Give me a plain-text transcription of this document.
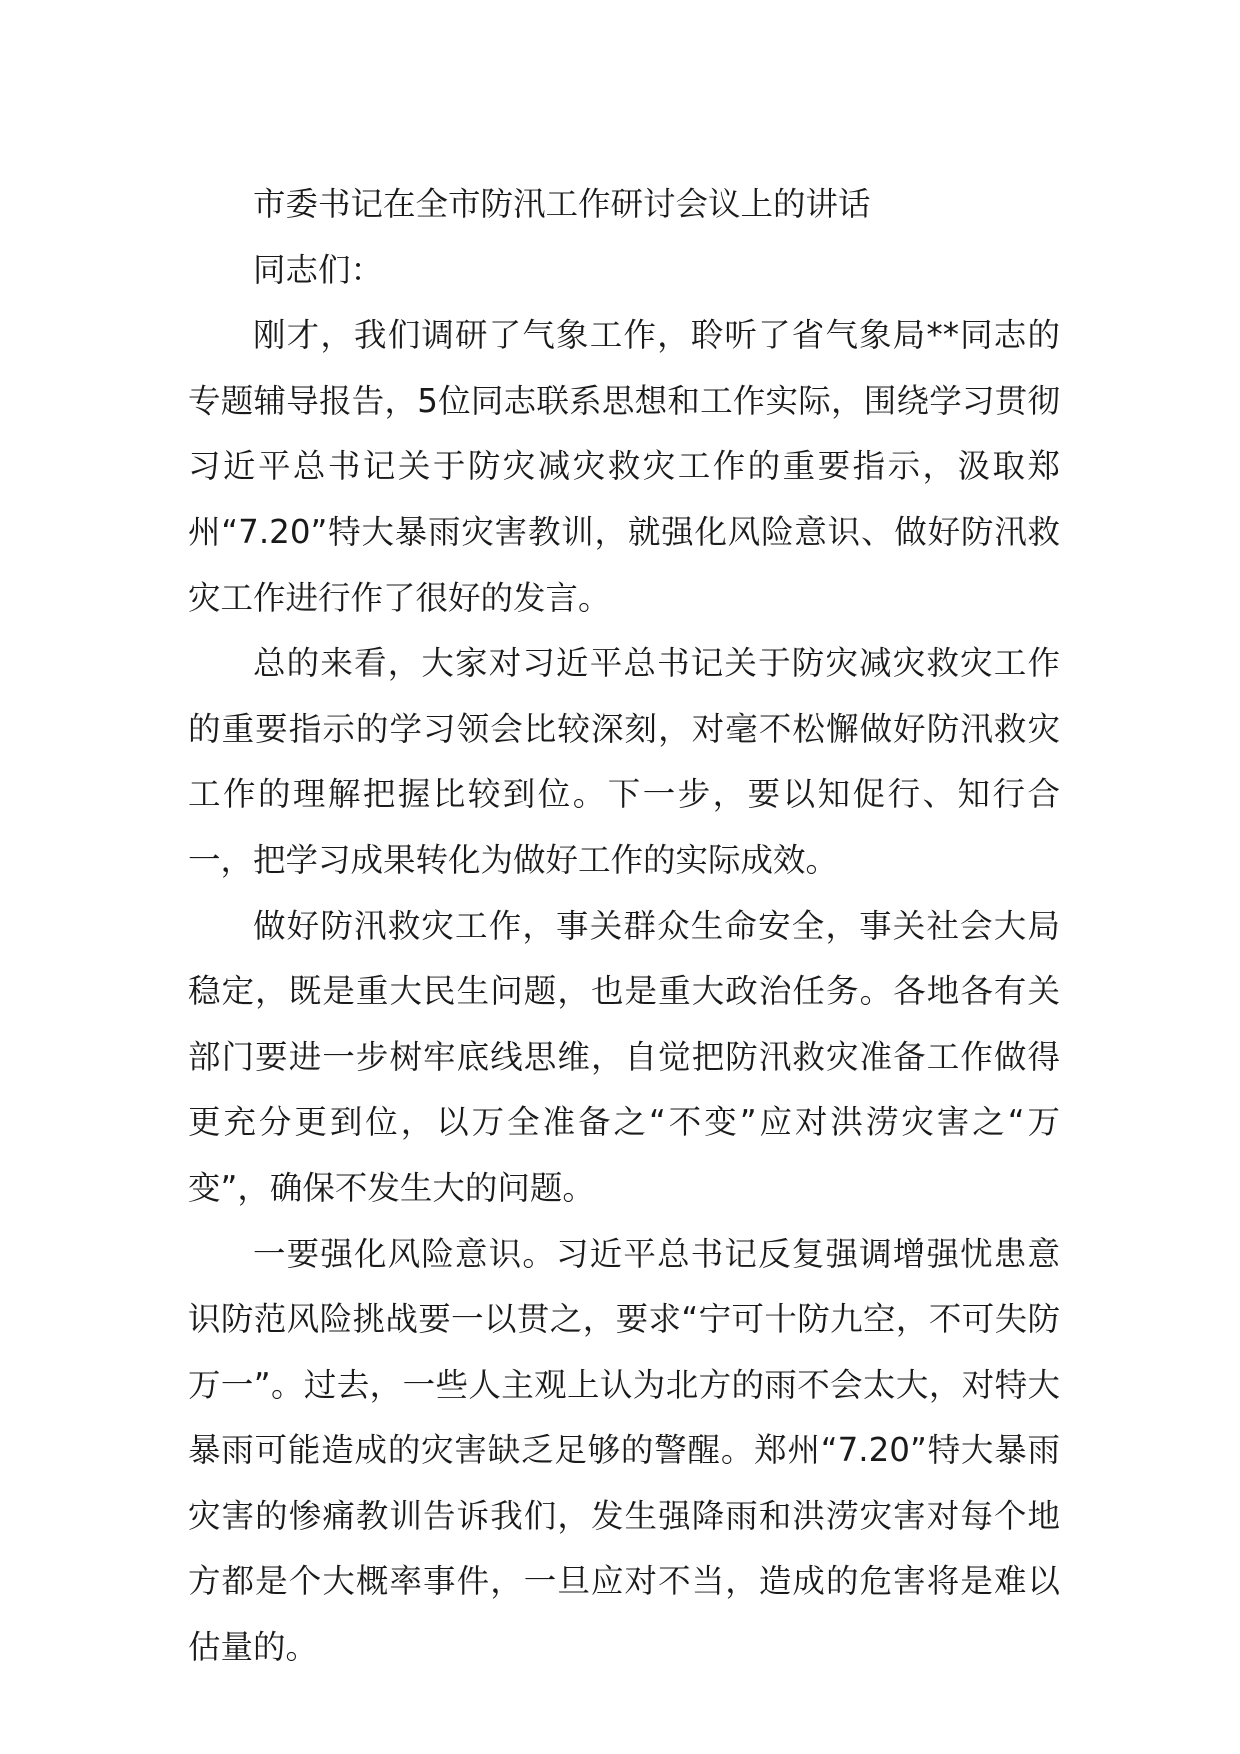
市委书记在全市防汛工作研讨会议上的讲话

同志们：

刚才，我们调研了气象工作，聆听了省气象局**同志的专题辅导报告，5位同志联系思想和工作实际，围绕学习贯彻习近平总书记关于防灾减灾救灾工作的重要指示，汲取郑州“7.20”特大暴雨灾害教训，就强化风险意识、做好防汛救灾工作进行作了很好的发言。

总的来看，大家对习近平总书记关于防灾减灾救灾工作的重要指示的学习领会比较深刻，对毫不松懈做好防汛救灾工作的理解把握比较到位。下一步，要以知促行、知行合一，把学习成果转化为做好工作的实际成效。

做好防汛救灾工作，事关群众生命安全，事关社会大局稳定，既是重大民生问题，也是重大政治任务。各地各有关部门要进一步树牢底线思维，自觉把防汛救灾准备工作做得更充分更到位，以万全准备之“不变”应对洪涝灾害之“万变”，确保不发生大的问题。

一要强化风险意识。习近平总书记反复强调增强忧患意识防范风险挑战要一以贯之，要求“宁可十防九空，不可失防万一”。过去，一些人主观上认为北方的雨不会太大，对特大暴雨可能造成的灾害缺乏足够的警醒。郑州“7.20”特大暴雨灾害的惨痛教训告诉我们，发生强降雨和洪涝灾害对每个地方都是个大概率事件，一旦应对不当，造成的危害将是难以估量的。
